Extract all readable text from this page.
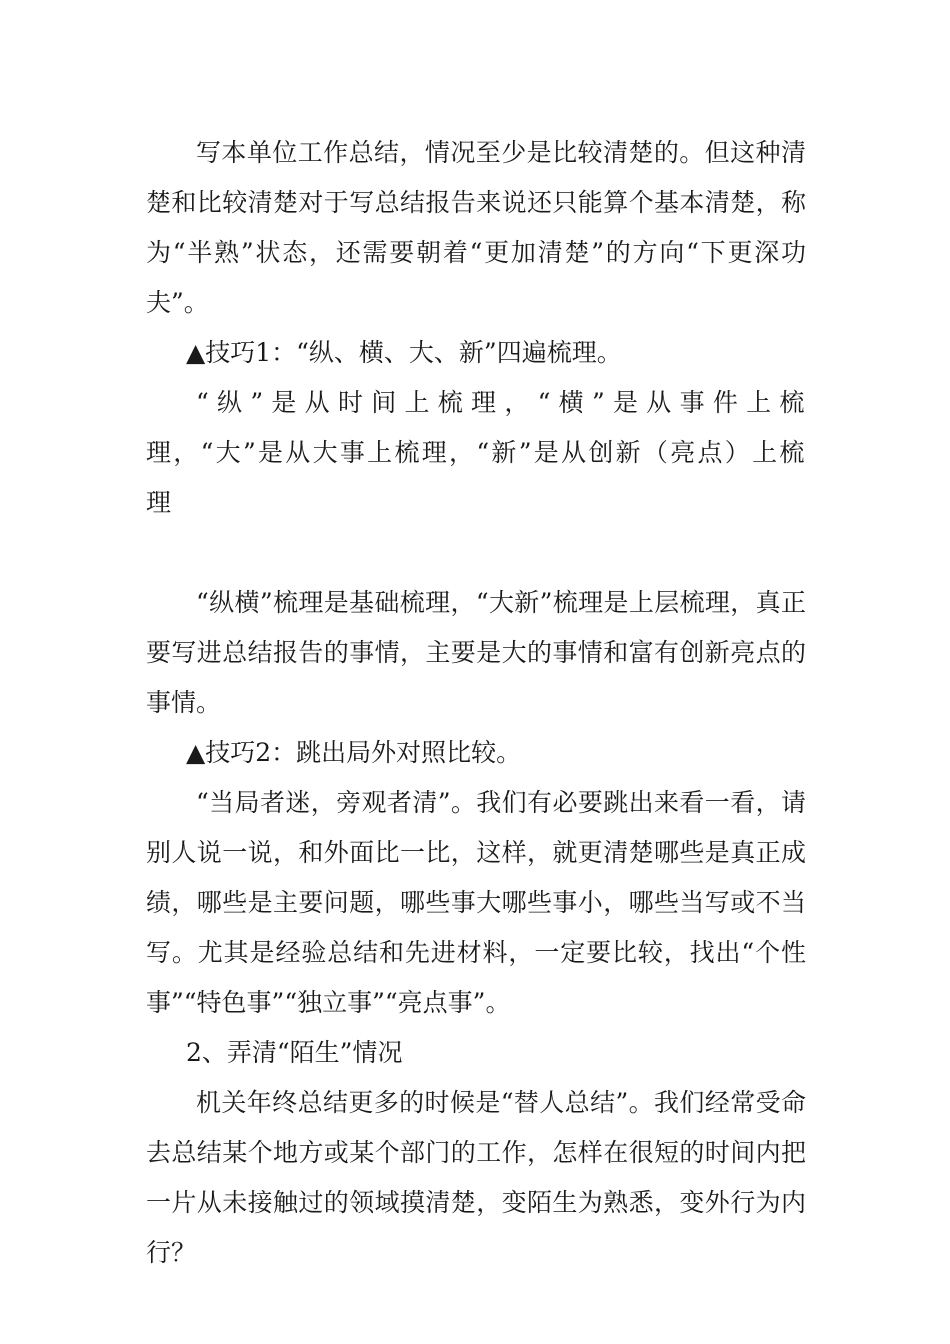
写本单位工作总结，情况至少是比较清楚的。但这种清楚和比较清楚对于写总结报告来说还只能算个基本清楚，称为“半熟”状态，还需要朝着“更加清楚”的方向“下更深功夫”。

▲技巧1：“纵、横、大、新”四遍梳理。

“纵”是从时间上梳理，“横”是从事件上梳理，“大”是从大事上梳理，“新”是从创新（亮点）上梳理

“纵横”梳理是基础梳理，“大新”梳理是上层梳理，真正要写进总结报告的事情，主要是大的事情和富有创新亮点的事情。

▲技巧2：跳出局外对照比较。

“当局者迷，旁观者清”。我们有必要跳出来看一看，请别人说一说，和外面比一比，这样，就更清楚哪些是真正成绩，哪些是主要问题，哪些事大哪些事小，哪些当写或不当写。尤其是经验总结和先进材料，一定要比较，找出“个性事”“特色事”“独立事”“亮点事”。

2、弄清“陌生”情况

机关年终总结更多的时候是“替人总结”。我们经常受命去总结某个地方或某个部门的工作，怎样在很短的时间内把一片从未接触过的领域摸清楚，变陌生为熟悉，变外行为内行？
